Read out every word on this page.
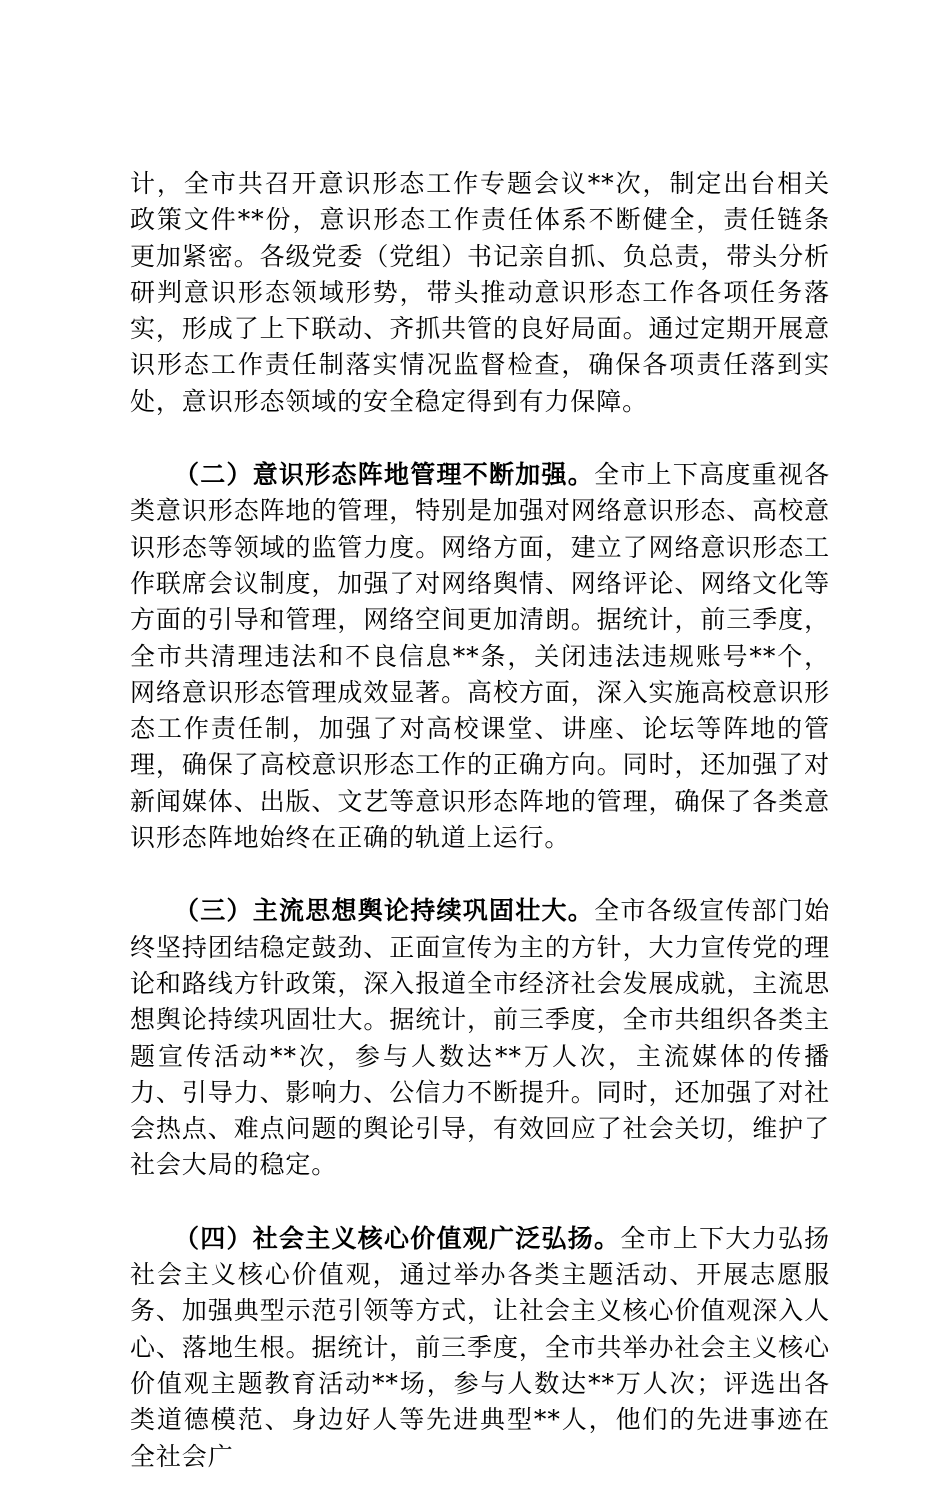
计，全市共召开意识形态工作专题会议**次，制定出台相关政策文件**份，意识形态工作责任体系不断健全，责任链条更加紧密。各级党委（党组）书记亲自抓、负总责，带头分析研判意识形态领域形势，带头推动意识形态工作各项任务落实，形成了上下联动、齐抓共管的良好局面。通过定期开展意识形态工作责任制落实情况监督检查，确保各项责任落到实处，意识形态领域的安全稳定得到有力保障。

（二）意识形态阵地管理不断加强。全市上下高度重视各类意识形态阵地的管理，特别是加强对网络意识形态、高校意识形态等领域的监管力度。网络方面，建立了网络意识形态工作联席会议制度，加强了对网络舆情、网络评论、网络文化等方面的引导和管理，网络空间更加清朗。据统计，前三季度，全市共清理违法和不良信息**条，关闭违法违规账号**个，网络意识形态管理成效显著。高校方面，深入实施高校意识形态工作责任制，加强了对高校课堂、讲座、论坛等阵地的管理，确保了高校意识形态工作的正确方向。同时，还加强了对新闻媒体、出版、文艺等意识形态阵地的管理，确保了各类意识形态阵地始终在正确的轨道上运行。

（三）主流思想舆论持续巩固壮大。全市各级宣传部门始终坚持团结稳定鼓劲、正面宣传为主的方针，大力宣传党的理论和路线方针政策，深入报道全市经济社会发展成就，主流思想舆论持续巩固壮大。据统计，前三季度，全市共组织各类主题宣传活动**次，参与人数达**万人次，主流媒体的传播力、引导力、影响力、公信力不断提升。同时，还加强了对社会热点、难点问题的舆论引导，有效回应了社会关切，维护了社会大局的稳定。

（四）社会主义核心价值观广泛弘扬。全市上下大力弘扬社会主义核心价值观，通过举办各类主题活动、开展志愿服务、加强典型示范引领等方式，让社会主义核心价值观深入人心、落地生根。据统计，前三季度，全市共举办社会主义核心价值观主题教育活动**场，参与人数达**万人次；评选出各类道德模范、身边好人等先进典型**人，他们的先进事迹在全社会广
